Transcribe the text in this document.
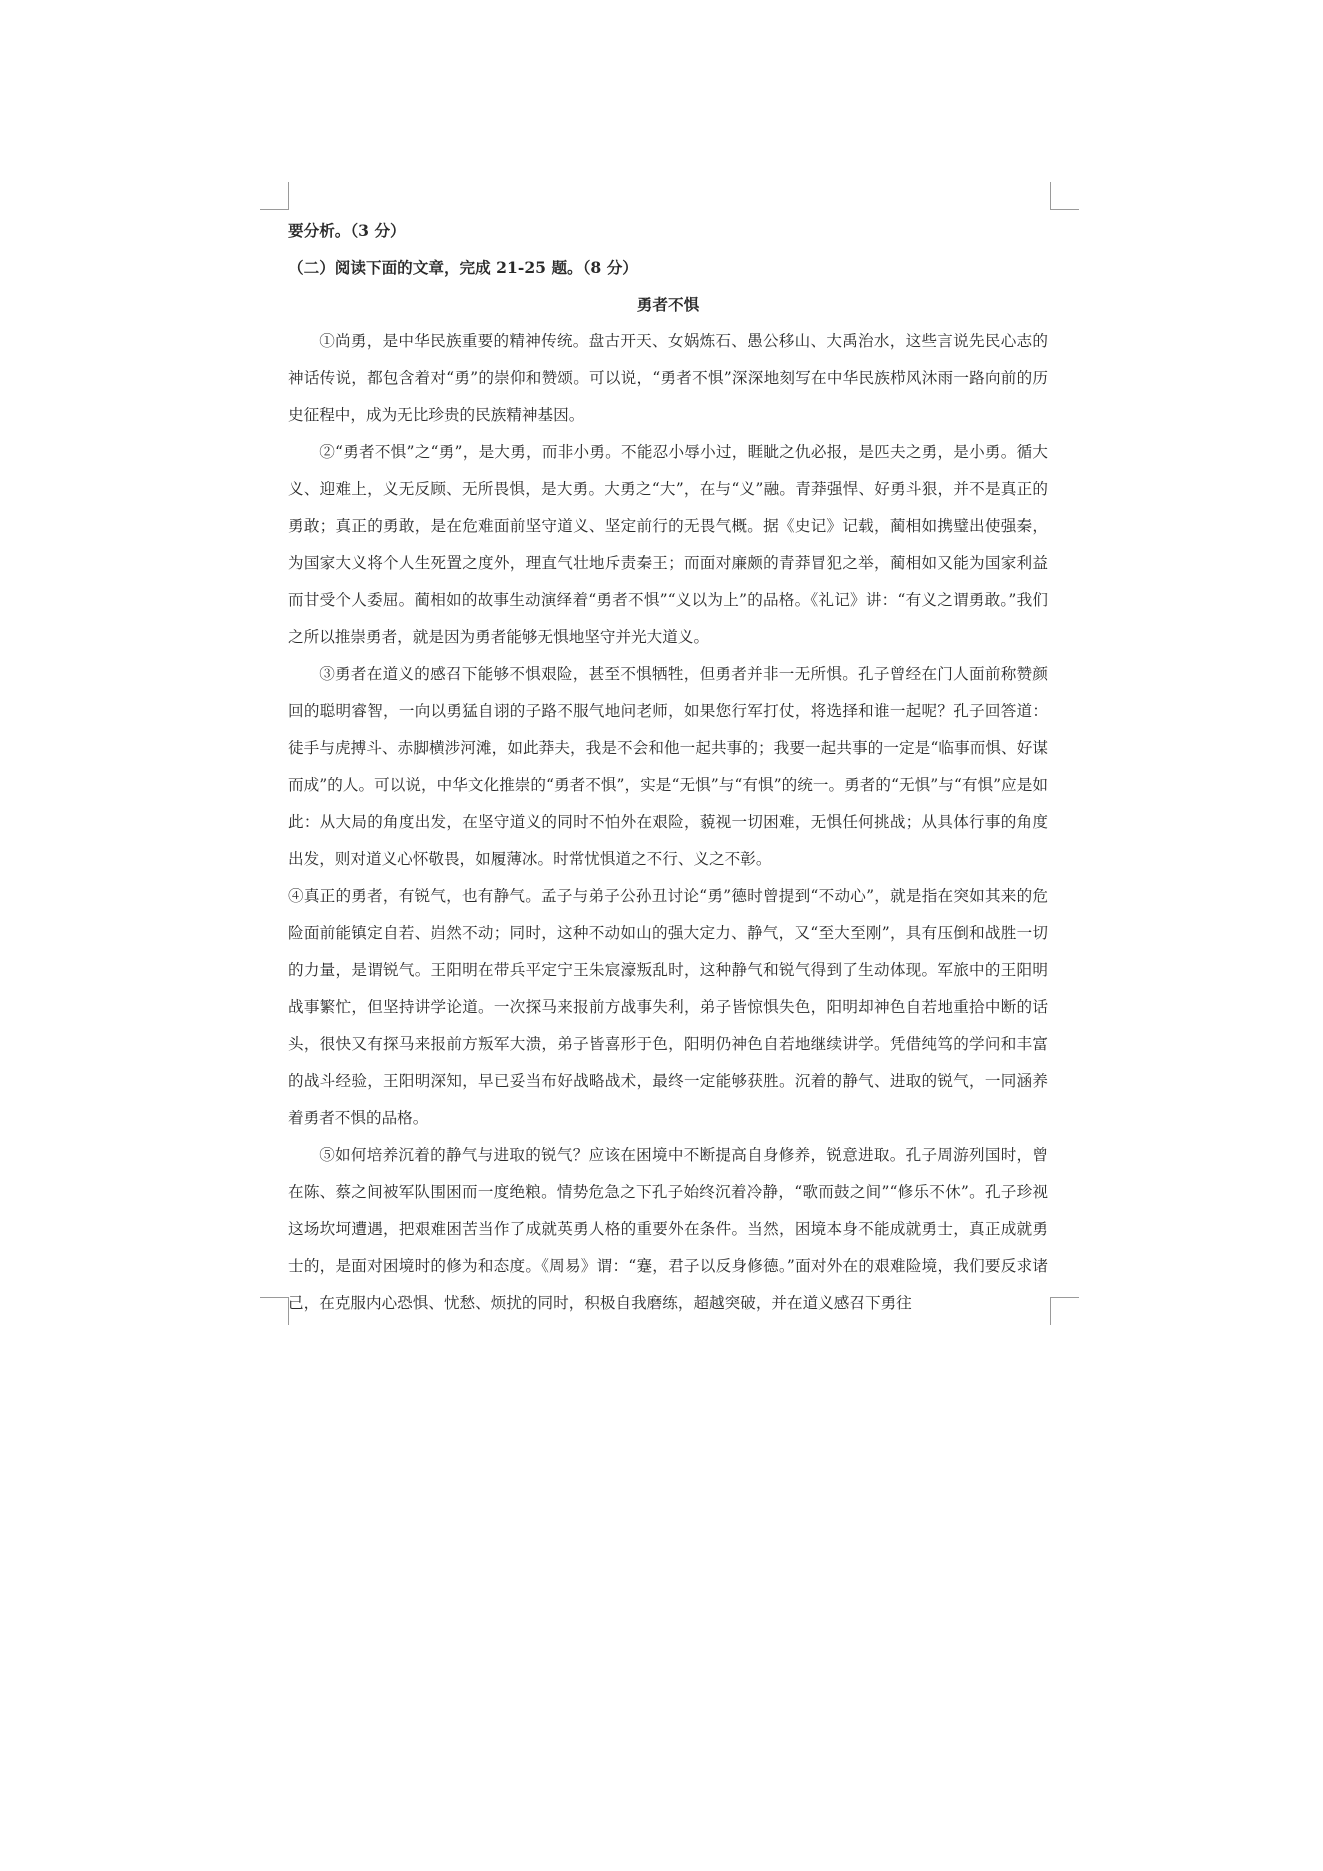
要分析。（3 分）

（二）阅读下面的文章，完成 21-25 题。（8 分）

勇者不惧

①尚勇，是中华民族重要的精神传统。盘古开天、女娲炼石、愚公移山、大禹治水，这些言说先民心志的神话传说，都包含着对“勇”的崇仰和赞颂。可以说，“勇者不惧”深深地刻写在中华民族栉风沐雨一路向前的历史征程中，成为无比珍贵的民族精神基因。

②“勇者不惧”之“勇”，是大勇，而非小勇。不能忍小辱小过，睚眦之仇必报，是匹夫之勇，是小勇。循大义、迎难上，义无反顾、无所畏惧，是大勇。大勇之“大”，在与“义”融。青莽强悍、好勇斗狠，并不是真正的勇敢；真正的勇敢，是在危难面前坚守道义、坚定前行的无畏气概。据《史记》记载，蔺相如携璧出使强秦，为国家大义将个人生死置之度外，理直气壮地斥责秦王；而面对廉颇的青莽冒犯之举，蔺相如又能为国家利益而甘受个人委屈。蔺相如的故事生动演绎着“勇者不惧”“义以为上”的品格。《礼记》讲：“有义之谓勇敢。”我们之所以推崇勇者，就是因为勇者能够无惧地坚守并光大道义。

③勇者在道义的感召下能够不惧艰险，甚至不惧牺牲，但勇者并非一无所惧。孔子曾经在门人面前称赞颜回的聪明睿智，一向以勇猛自诩的子路不服气地问老师，如果您行军打仗，将选择和谁一起呢？孔子回答道：徒手与虎搏斗、赤脚横涉河滩，如此莽夫，我是不会和他一起共事的；我要一起共事的一定是“临事而惧、好谋而成”的人。可以说，中华文化推崇的“勇者不惧”，实是“无惧”与“有惧”的统一。勇者的“无惧”与“有惧”应是如此：从大局的角度出发，在坚守道义的同时不怕外在艰险，藐视一切困难，无惧任何挑战；从具体行事的角度出发，则对道义心怀敬畏，如履薄冰。时常忧惧道之不行、义之不彰。

④真正的勇者，有锐气，也有静气。孟子与弟子公孙丑讨论“勇”德时曾提到“不动心”，就是指在突如其来的危险面前能镇定自若、岿然不动；同时，这种不动如山的强大定力、静气，又“至大至刚”，具有压倒和战胜一切的力量，是谓锐气。王阳明在带兵平定宁王朱宸濠叛乱时，这种静气和锐气得到了生动体现。军旅中的王阳明战事繁忙，但坚持讲学论道。一次探马来报前方战事失利，弟子皆惊惧失色，阳明却神色自若地重拾中断的话头，很快又有探马来报前方叛军大溃，弟子皆喜形于色，阳明仍神色自若地继续讲学。凭借纯笃的学问和丰富的战斗经验，王阳明深知，早已妥当布好战略战术，最终一定能够获胜。沉着的静气、进取的锐气，一同涵养着勇者不惧的品格。

⑤如何培养沉着的静气与进取的锐气？应该在困境中不断提高自身修养，锐意进取。孔子周游列国时，曾在陈、蔡之间被军队围困而一度绝粮。情势危急之下孔子始终沉着冷静，“歌而鼓之间”“修乐不休”。孔子珍视这场坎坷遭遇，把艰难困苦当作了成就英勇人格的重要外在条件。当然，困境本身不能成就勇士，真正成就勇士的，是面对困境时的修为和态度。《周易》谓：“蹇，君子以反身修德。”面对外在的艰难险境，我们要反求诸己，在克服内心恐惧、忧愁、烦扰的同时，积极自我磨练，超越突破，并在道义感召下勇往
